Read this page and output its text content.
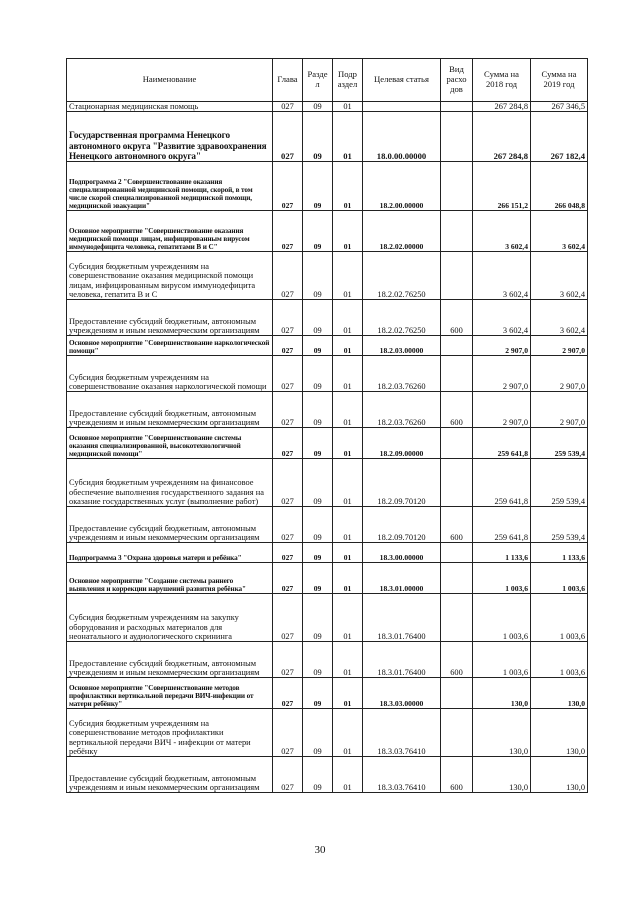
Наименование	Глава	Разде л	Подр аздел	Целевая статья	Вид расхо дов	Сумма на 2018 год	Сумма на 2019 год
Стационарная медицинская помощь	027	09	01			267 284,8	267 346,5
Государственная программа Ненецкого автономного округа "Развитие здравоохранения Ненецкого автономного округа"	027	09	01	18.0.00.00000		267 284,8	267 182,4
Подпрограмма 2 "Совершенствование оказания специализированной медицинской помощи, скорой, в том числе скорой специализированной медицинской помощи, медицинской эвакуации"	027	09	01	18.2.00.00000		266 151,2	266 048,8
Основное мероприятие "Совершенствование оказания медицинской помощи лицам, инфицированным вирусом иммунодефицита человека, гепатитами В и С"	027	09	01	18.2.02.00000		3 602,4	3 602,4
Субсидия бюджетным учреждениям на совершенствование оказания медицинской помощи лицам, инфицированным вирусом иммунодефицита человека, гепатита В и С	027	09	01	18.2.02.76250		3 602,4	3 602,4
Предоставление субсидий бюджетным, автономным учреждениям и иным некоммерческим организациям	027	09	01	18.2.02.76250	600	3 602,4	3 602,4
Основное мероприятие "Совершенствование наркологической помощи"	027	09	01	18.2.03.00000		2 907,0	2 907,0
Субсидия бюджетным учреждениям на совершенствование оказания наркологической помощи	027	09	01	18.2.03.76260		2 907,0	2 907,0
Предоставление субсидий бюджетным, автономным учреждениям и иным некоммерческим организациям	027	09	01	18.2.03.76260	600	2 907,0	2 907,0
Основное мероприятие "Совершенствование системы оказания специализированной, высокотехнологичной медицинской помощи"	027	09	01	18.2.09.00000		259 641,8	259 539,4
Субсидия бюджетным учреждениям на финансовое обеспечение выполнения государственного задания на оказание государственных услуг (выполнение работ)	027	09	01	18.2.09.70120		259 641,8	259 539,4
Предоставление субсидий бюджетным, автономным учреждениям и иным некоммерческим организациям	027	09	01	18.2.09.70120	600	259 641,8	259 539,4
Подпрограмма 3 "Охрана здоровья матери и ребёнка"	027	09	01	18.3.00.00000		1 133,6	1 133,6
Основное мероприятие "Создание системы раннего выявления и коррекции нарушений развития ребёнка"	027	09	01	18.3.01.00000		1 003,6	1 003,6
Субсидия бюджетным учреждениям на закупку оборудования и расходных материалов для неонатального и аудиологического скрининга	027	09	01	18.3.01.76400		1 003,6	1 003,6
Предоставление субсидий бюджетным, автономным учреждениям и иным некоммерческим организациям	027	09	01	18.3.01.76400	600	1 003,6	1 003,6
Основное мероприятие "Совершенствование методов профилактики вертикальной передачи ВИЧ-инфекции от матери ребёнку"	027	09	01	18.3.03.00000		130,0	130,0
Субсидия бюджетным учреждениям на совершенствование методов профилактики вертикальной передачи ВИЧ - инфекции от матери ребёнку	027	09	01	18.3.03.76410		130,0	130,0
Предоставление субсидий бюджетным, автономным учреждениям и иным некоммерческим организациям	027	09	01	18.3.03.76410	600	130,0	130,0
30
